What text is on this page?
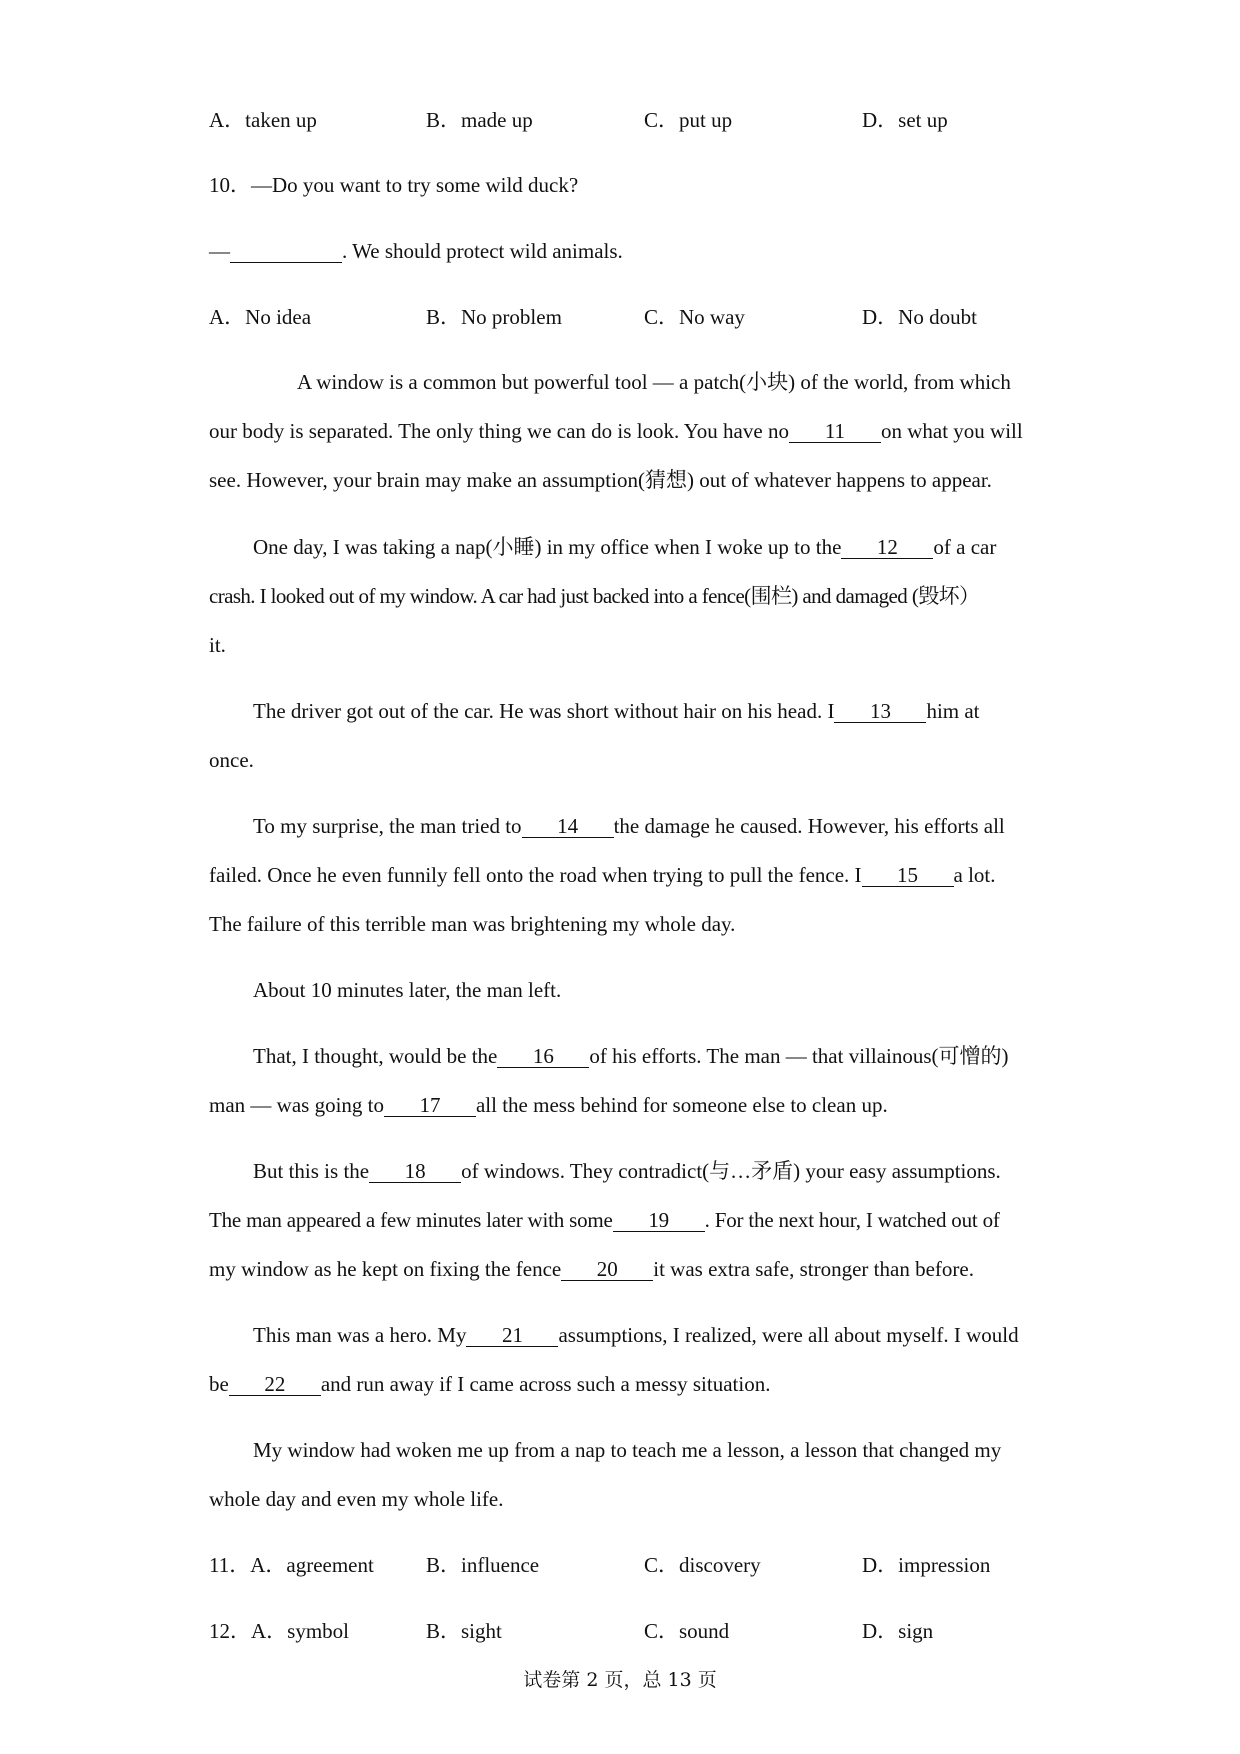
A．taken up	B．made up	C．put up	D．set up
10．—Do you want to try some wild duck?
—	. We should protect wild animals.
A．No idea	B．No problem	C．No way	D．No doubt
A window is a common but powerful tool — a patch(小块) of the world, from which
our body is separated. The only thing we can do is look. You have no 11 on what you will
see. However, your brain may make an assumption(猜想) out of whatever happens to appear.
One day, I was taking a nap(小睡) in my office when I woke up to the 12 of a car
crash. I looked out of my window. A car had just backed into a fence(围栏) and damaged (毁坏）
it.
The driver got out of the car. He was short without hair on his head. I 13 him at
once.
To my surprise, the man tried to 14 the damage he caused. However, his efforts all
failed. Once he even funnily fell onto the road when trying to pull the fence. I 15 a lot.
The failure of this terrible man was brightening my whole day.
About 10 minutes later, the man left.
That, I thought, would be the 16 of his efforts. The man — that villainous(可憎的)
man — was going to 17 all the mess behind for someone else to clean up.
But this is the 18 of windows. They contradict(与…矛盾) your easy assumptions.
The man appeared a few minutes later with some 19 . For the next hour, I watched out of
my window as he kept on fixing the fence 20 it was extra safe, stronger than before.
This man was a hero. My 21 assumptions, I realized, were all about myself. I would
be 22 and run away if I came across such a messy situation.
My window had woken me up from a nap to teach me a lesson, a lesson that changed my
whole day and even my whole life.
11．A．agreement B．influence	C．discovery	D．impression
12．A．symbol	B．sight	C．sound	D．sign
试卷第 2 页，总 13 页
